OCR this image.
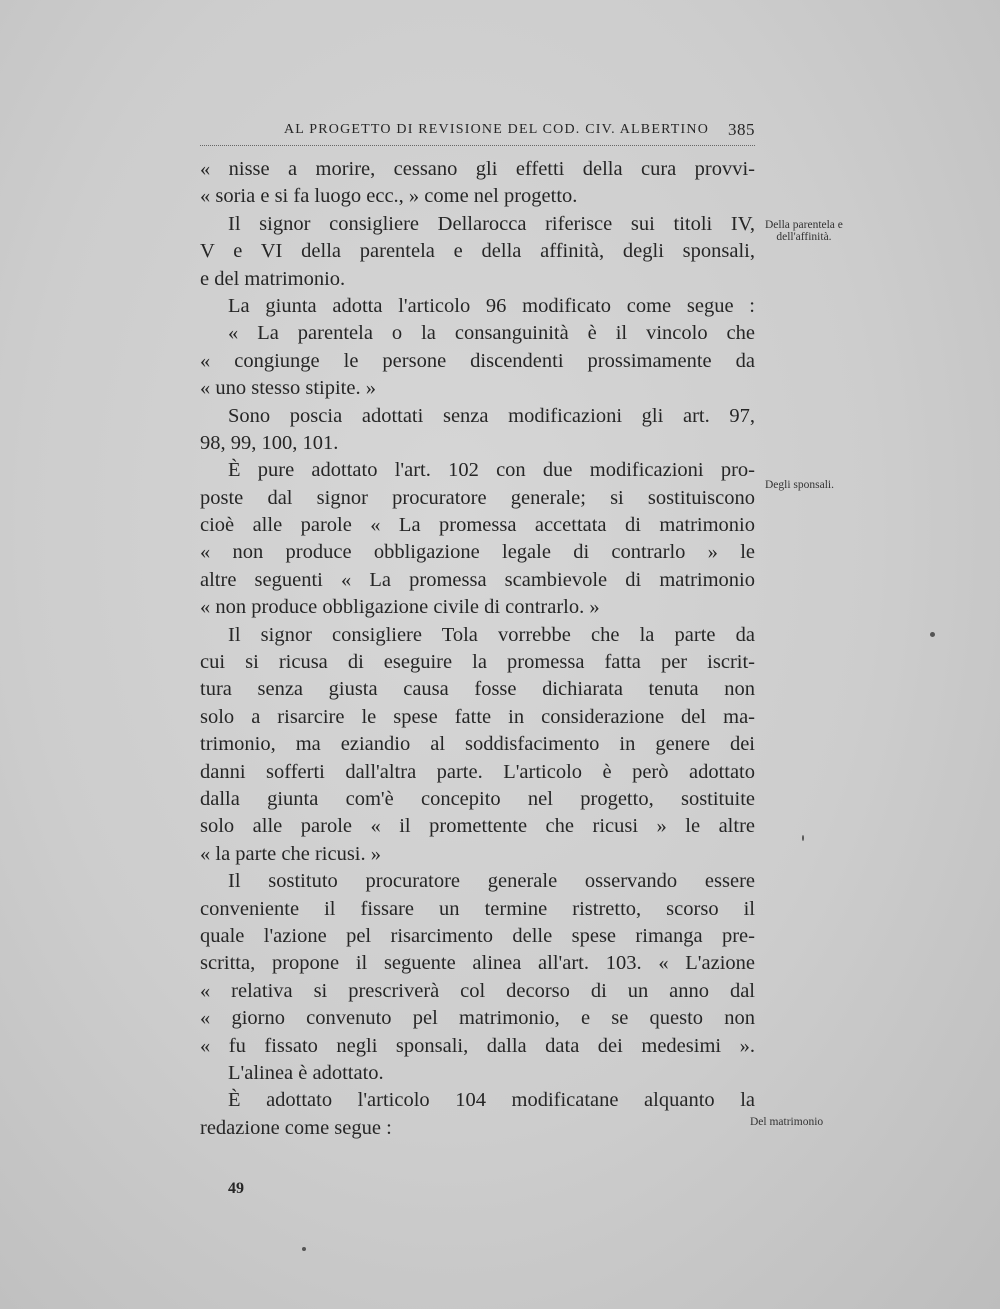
AL PROGETTO DI REVISIONE DEL COD. CIV. ALBERTINO 385
« nisse a morire, cessano gli effetti della cura provvi-
« soria e si fa luogo ecc., » come nel progetto.
Il signor consigliere Dellarocca riferisce sui titoli IV,
V e VI della parentela e della affinità, degli sponsali,
e del matrimonio.
La giunta adotta l'articolo 96 modificato come segue :
« La parentela o la consanguinità è il vincolo che
« congiunge le persone discendenti prossimamente da
« uno stesso stipite. »
Sono poscia adottati senza modificazioni gli art. 97,
98, 99, 100, 101.
È pure adottato l'art. 102 con due modificazioni pro-
poste dal signor procuratore generale; si sostituiscono
cioè alle parole « La promessa accettata di matrimonio
« non produce obbligazione legale di contrarlo » le
altre seguenti « La promessa scambievole di matrimonio
« non produce obbligazione civile di contrarlo. »
Il signor consigliere Tola vorrebbe che la parte da
cui si ricusa di eseguire la promessa fatta per iscrit-
tura senza giusta causa fosse dichiarata tenuta non
solo a risarcire le spese fatte in considerazione del ma-
trimonio, ma eziandio al soddisfacimento in genere dei
danni sofferti dall'altra parte. L'articolo è però adottato
dalla giunta com'è concepito nel progetto, sostituite
solo alle parole « il promettente che ricusi » le altre
« la parte che ricusi. »
Il sostituto procuratore generale osservando essere
conveniente il fissare un termine ristretto, scorso il
quale l'azione pel risarcimento delle spese rimanga pre-
scritta, propone il seguente alinea all'art. 103. « L'azione
« relativa si prescriverà col decorso di un anno dal
« giorno convenuto pel matrimonio, e se questo non
« fu fissato negli sponsali, dalla data dei medesimi ».
L'alinea è adottato.
È adottato l'articolo 104 modificatane alquanto la
redazione come segue :
Della parentela e
dell'affinità.
Degli sponsali.
Del matrimonio
49
